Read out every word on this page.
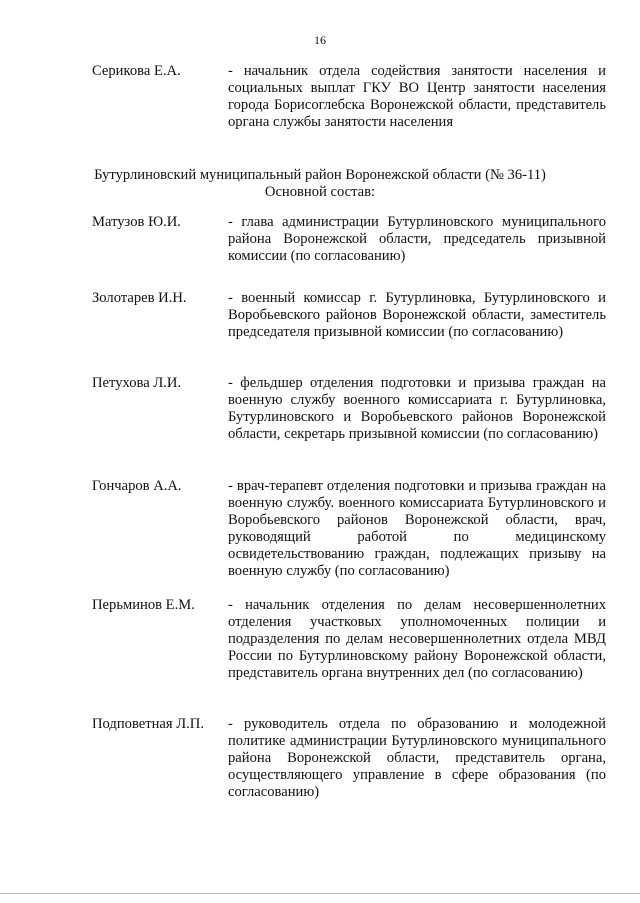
16
Серикова Е.А.	- начальник отдела содействия занятости населения и социальных выплат ГКУ ВО Центр занятости населения города Борисоглебска Воронежской области, представитель органа службы занятости населения
Бутурлиновский муниципальный район Воронежской области (№ 36-11)
Основной состав:
Матузов Ю.И.	- глава администрации Бутурлиновского муниципального района Воронежской области, председатель призывной комиссии (по согласованию)
Золотарев И.Н.	- военный комиссар г. Бутурлиновка, Бутурлиновского и Воробьевского районов Воронежской области, заместитель председателя призывной комиссии (по согласованию)
Петухова Л.И.	- фельдшер отделения подготовки и призыва граждан на военную службу военного комиссариата г. Бутурлиновка, Бутурлиновского и Воробьевского районов Воронежской области, секретарь призывной комиссии (по согласованию)
Гончаров А.А.	- врач-терапевт отделения подготовки и призыва граждан на военную службу. военного комиссариата Бутурлиновского и Воробьевского районов Воронежской области, врач, руководящий работой по медицинскому освидетельствованию граждан, подлежащих призыву на военную службу (по согласованию)
Перьминов Е.М. - начальник отделения по делам несовершеннолетних отделения участковых уполномоченных полиции и подразделения по делам несовершеннолетних отдела МВД России по Бутурлиновскому району Воронежской области, представитель органа внутренних дел (по согласованию)
Подповетная Л.П. - руководитель отдела по образованию и молодежной политике администрации Бутурлиновского муниципального района Воронежской области, представитель органа, осуществляющего управление в сфере образования (по согласованию)
